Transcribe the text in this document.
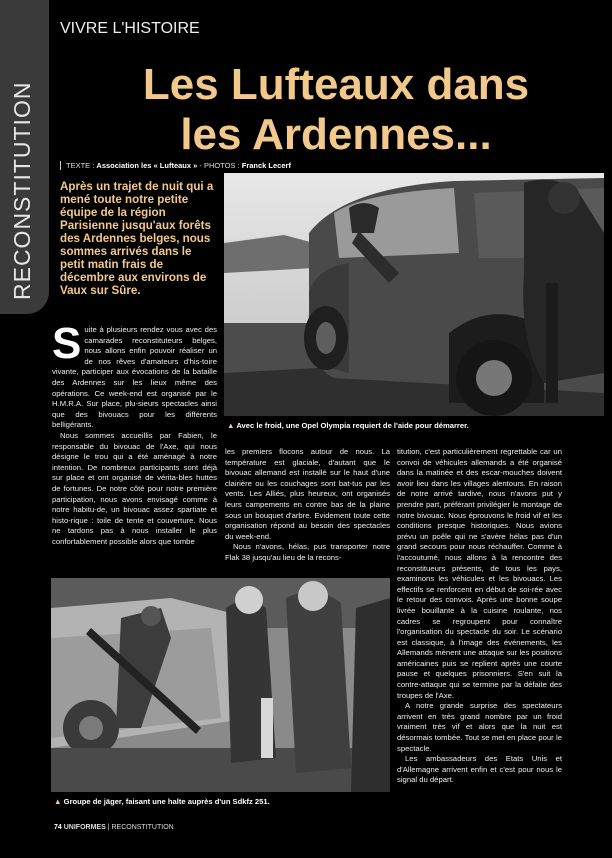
RECONSTITUTION
VIVRE L'HISTOIRE
Les Lufteaux dans
les Ardennes...
TEXTE : Association les « Lufteaux » - PHOTOS : Franck Lecerf

Après un trajet de nuit qui a mené toute notre petite équipe de la région Parisienne jusqu'aux forêts des Ardennes belges, nous sommes arrivés dans le petit matin frais de décembre aux environs de Vaux sur Sûre.

▲ Avec le froid, une Opel Olympia requiert de l'aide pour démarrer.
S uite à plusieurs rendez vous avec des camarades reconstituteurs belges, nous allons enfin pouvoir réaliser un de nos rêves d'amateurs d'his-toire vivante, participer aux évocations de la bataille des Ardennes sur les lieux même des opérations. Ce week-end est organisé par le H.M.R.A. Sur place, plu-sieurs spectacles ainsi que des bivouacs pour les différents belligérants.

Nous sommes accueillis par Fabien, le responsable du bivouac de l'Axe, qui nous désigne le trou qui a été aménagé à notre intention. De nombreux participants sont déjà sur place et ont organisé de vérita-bles huttes de fortunes. De notre côté pour notre première participation, nous avons envisagé comme à notre habitu-de, un bivouac assez spartiate et histo-rique : toile de tente et couverture. Nous ne tardons pas à nous installer le plus confortablement possible alors que tombe

les premiers flocons autour de nous. La température est glaciale, d'autant que le bivouac allemand est installé sur le haut d'une clairière ou les couchages sont bat-tus par les vents. Les Alliés, plus heureux, ont organisés leurs campements en contre bas de la plaine sous un bouquet d'arbre. Evidement toute cette organisation répond au besoin des spectacles du week-end.

Nous n'avons, hélas, pus transporter notre Flak 38 jusqu'au lieu de la recons-

titution, c'est particulièrement regrettable car un convoi de véhicules allemands a été organisé dans la matinée et des escar-mouches doivent avoir lieu dans les villages alentours. En raison de notre arrivé tardive, nous n'avons put y prendre part, préférant privilégier le montage de notre bivouac. Nous éprouvons le froid vif et les conditions presque historiques. Nous avions prévu un poêle qui ne s'avère hélas pas d'un grand secours pour nous réchauffer. Comme à l'accoutumé, nous allons à la rencontre des reconstitueurs présents, de tous les pays, examinons les véhicules et les bivouacs. Les effectifs se renforcent en début de soi-rée avec le retour des convois. Après une bonne soupe livrée bouillante à la cuisine roulante, nos cadres se regroupent pour connaître l'organisation du spectacle du soir. Le scénario est classique, à l'image des événements, les Allemands mènent une attaque sur les positions américaines puis se replient après une courte pause et quelques prisonniers. S'en suit la contre-attaque qui se termine par la défaite des troupes de l'Axe.

A notre grande surprise des spectateurs arrivent en très grand nombre par un froid vraiment très vif et alors que la nuit est désormais tombée. Tout se met en place pour le spectacle.

Les ambassadeurs des Etats Unis et d'Allemagne arrivent enfin et c'est pour nous le signal du départ.

▲ Groupe de jäger, faisant une halte auprès d'un Sdkfz 251.
74 UNIFORMES | RECONSTITUTION
